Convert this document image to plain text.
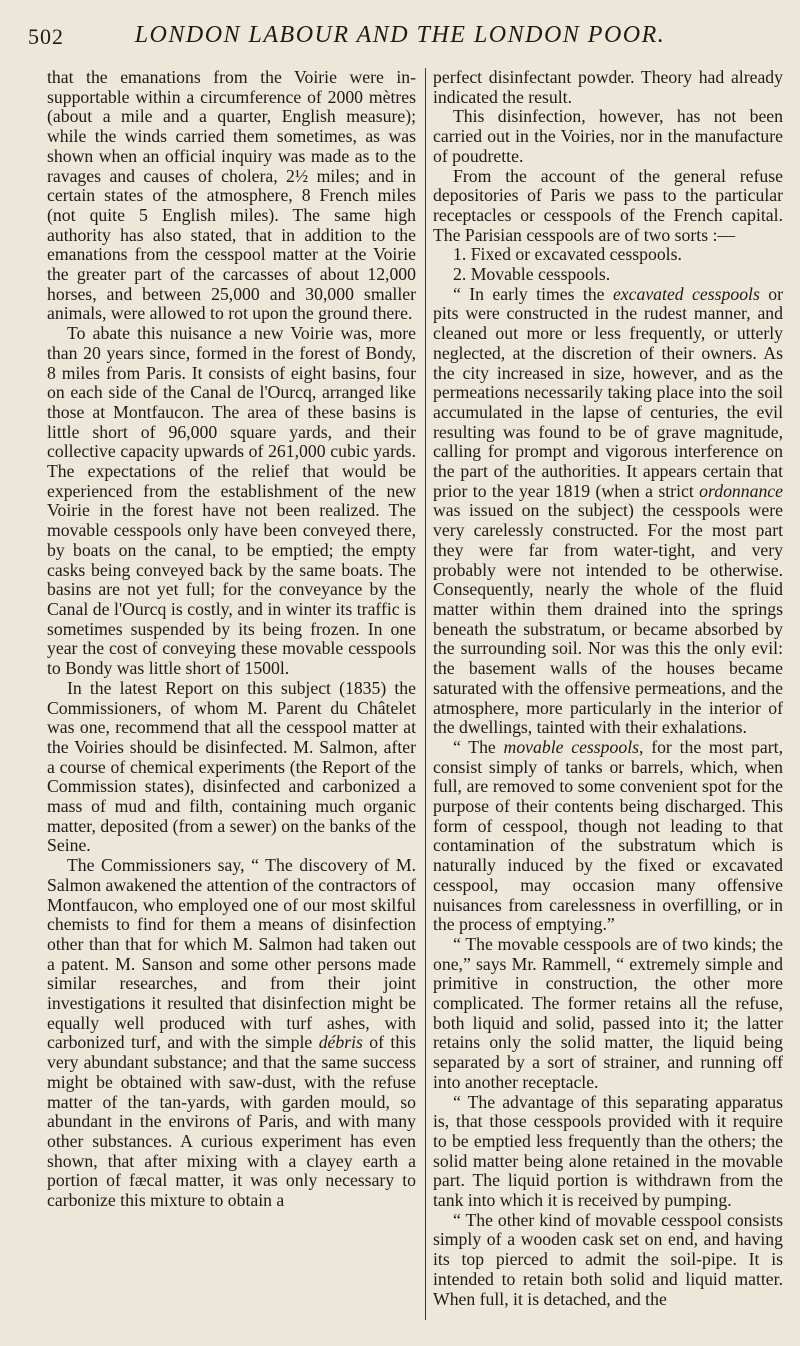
502	LONDON LABOUR AND THE LONDON POOR.

that the emanations from the Voirie were in-supportable within a circumference of 2000 mètres (about a mile and a quarter, English measure); while the winds carried them sometimes, as was shown when an official inquiry was made as to the ravages and causes of cholera, 2½ miles; and in certain states of the atmosphere, 8 French miles (not quite 5 English miles). The same high authority has also stated, that in addition to the emanations from the cesspool matter at the Voirie the greater part of the carcasses of about 12,000 horses, and between 25,000 and 30,000 smaller animals, were allowed to rot upon the ground there.

To abate this nuisance a new Voirie was, more than 20 years since, formed in the forest of Bondy, 8 miles from Paris. It consists of eight basins, four on each side of the Canal de l'Ourcq, arranged like those at Montfaucon. The area of these basins is little short of 96,000 square yards, and their collective capacity upwards of 261,000 cubic yards. The expectations of the relief that would be experienced from the establishment of the new Voirie in the forest have not been realized. The movable cesspools only have been conveyed there, by boats on the canal, to be emptied; the empty casks being conveyed back by the same boats. The basins are not yet full; for the conveyance by the Canal de l'Ourcq is costly, and in winter its traffic is sometimes suspended by its being frozen. In one year the cost of conveying these movable cesspools to Bondy was little short of 1500l.

In the latest Report on this subject (1835) the Commissioners, of whom M. Parent du Châtelet was one, recommend that all the cesspool matter at the Voiries should be disinfected. M. Salmon, after a course of chemical experiments (the Report of the Commission states), disinfected and carbonized a mass of mud and filth, containing much organic matter, deposited (from a sewer) on the banks of the Seine.

The Commissioners say, “ The discovery of M. Salmon awakened the attention of the contractors of Montfaucon, who employed one of our most skilful chemists to find for them a means of disinfection other than that for which M. Salmon had taken out a patent. M. Sanson and some other persons made similar researches, and from their joint investigations it resulted that disinfection might be equally well produced with turf ashes, with carbonized turf, and with the simple débris of this very abundant substance; and that the same success might be obtained with saw-dust, with the refuse matter of the tan-yards, with garden mould, so abundant in the environs of Paris, and with many other substances. A curious experiment has even shown, that after mixing with a clayey earth a portion of fæcal matter, it was only necessary to carbonize this mixture to obtain a

perfect disinfectant powder. Theory had already indicated the result.

This disinfection, however, has not been carried out in the Voiries, nor in the manufacture of poudrette.

From the account of the general refuse depositories of Paris we pass to the particular receptacles or cesspools of the French capital. The Parisian cesspools are of two sorts :—

1. Fixed or excavated cesspools.

2. Movable cesspools.

“ In early times the excavated cesspools or pits were constructed in the rudest manner, and cleaned out more or less frequently, or utterly neglected, at the discretion of their owners. As the city increased in size, however, and as the permeations necessarily taking place into the soil accumulated in the lapse of centuries, the evil resulting was found to be of grave magnitude, calling for prompt and vigorous interference on the part of the authorities. It appears certain that prior to the year 1819 (when a strict ordonnance was issued on the subject) the cesspools were very carelessly constructed. For the most part they were far from water-tight, and very probably were not intended to be otherwise. Consequently, nearly the whole of the fluid matter within them drained into the springs beneath the substratum, or became absorbed by the surrounding soil. Nor was this the only evil: the basement walls of the houses became saturated with the offensive permeations, and the atmosphere, more particularly in the interior of the dwellings, tainted with their exhalations.

“ The movable cesspools, for the most part, consist simply of tanks or barrels, which, when full, are removed to some convenient spot for the purpose of their contents being discharged. This form of cesspool, though not leading to that contamination of the substratum which is naturally induced by the fixed or excavated cesspool, may occasion many offensive nuisances from carelessness in overfilling, or in the process of emptying.”

“ The movable cesspools are of two kinds; the one,” says Mr. Rammell, “ extremely simple and primitive in construction, the other more complicated. The former retains all the refuse, both liquid and solid, passed into it; the latter retains only the solid matter, the liquid being separated by a sort of strainer, and running off into another receptacle.

“ The advantage of this separating apparatus is, that those cesspools provided with it require to be emptied less frequently than the others; the solid matter being alone retained in the movable part. The liquid portion is withdrawn from the tank into which it is received by pumping.

“ The other kind of movable cesspool consists simply of a wooden cask set on end, and having its top pierced to admit the soil-pipe. It is intended to retain both solid and liquid matter. When full, it is detached, and the
